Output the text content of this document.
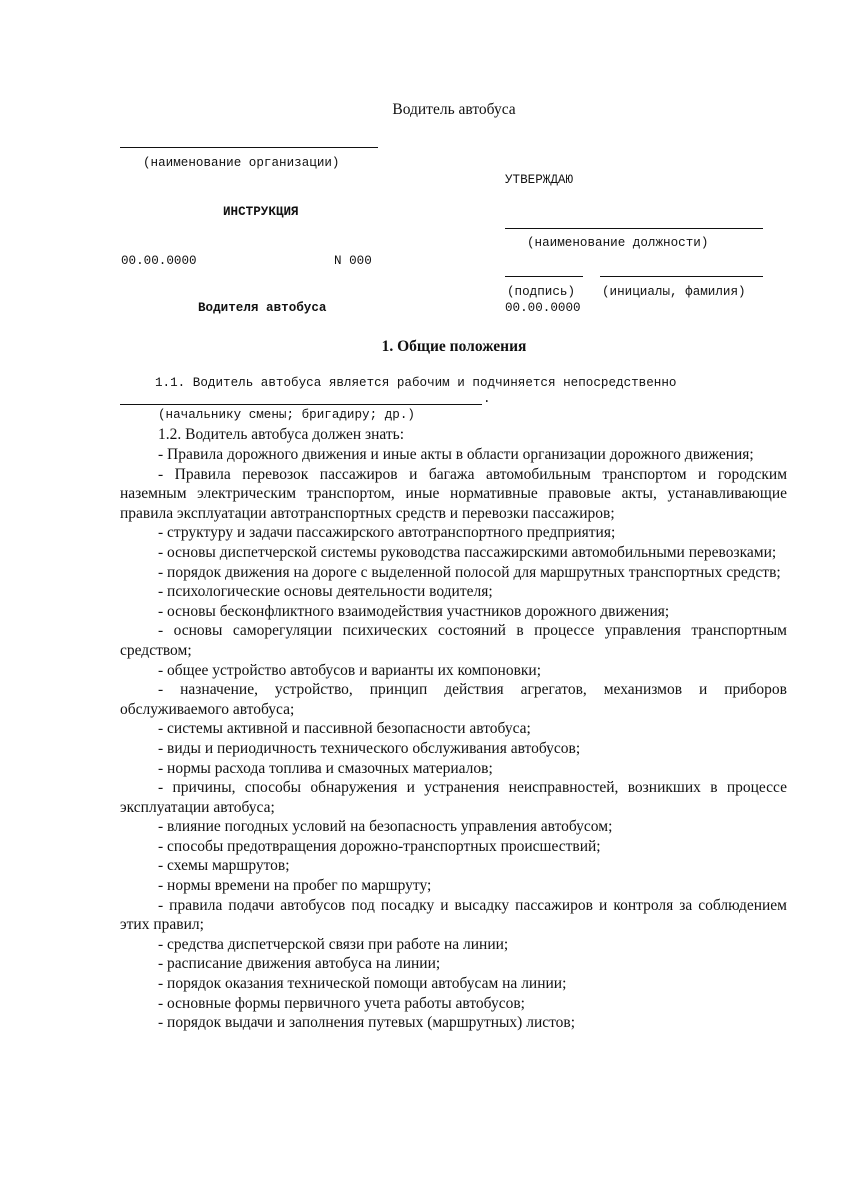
Водитель автобуса
(наименование организации)
ИНСТРУКЦИЯ
00.00.0000	N 000
Водителя автобуса
УТВЕРЖДАЮ
(наименование должности)
(подпись) (инициалы, фамилия)
00.00.0000
1. Общие положения
1.1. Водитель автобуса является рабочим и подчиняется непосредственно
.
(начальнику смены; бригадиру; др.)
1.2. Водитель автобуса должен знать:

- Правила дорожного движения и иные акты в области организации дорожного движения;

- Правила перевозок пассажиров и багажа автомобильным транспортом и городским наземным электрическим транспортом, иные нормативные правовые акты, устанавливающие правила эксплуатации автотранспортных средств и перевозки пассажиров;

- структуру и задачи пассажирского автотранспортного предприятия;

- основы диспетчерской системы руководства пассажирскими автомобильными перевозками;

- порядок движения на дороге с выделенной полосой для маршрутных транспортных средств;

- психологические основы деятельности водителя;

- основы бесконфликтного взаимодействия участников дорожного движения;

- основы саморегуляции психических состояний в процессе управления транспортным средством;

- общее устройство автобусов и варианты их компоновки;

- назначение, устройство, принцип действия агрегатов, механизмов и приборов обслуживаемого автобуса;

- системы активной и пассивной безопасности автобуса;

- виды и периодичность технического обслуживания автобусов;

- нормы расхода топлива и смазочных материалов;

- причины, способы обнаружения и устранения неисправностей, возникших в процессе эксплуатации автобуса;

- влияние погодных условий на безопасность управления автобусом;

- способы предотвращения дорожно-транспортных происшествий;

- схемы маршрутов;

- нормы времени на пробег по маршруту;

- правила подачи автобусов под посадку и высадку пассажиров и контроля за соблюдением этих правил;

- средства диспетчерской связи при работе на линии;

- расписание движения автобуса на линии;

- порядок оказания технической помощи автобусам на линии;

- основные формы первичного учета работы автобусов;

- порядок выдачи и заполнения путевых (маршрутных) листов;
